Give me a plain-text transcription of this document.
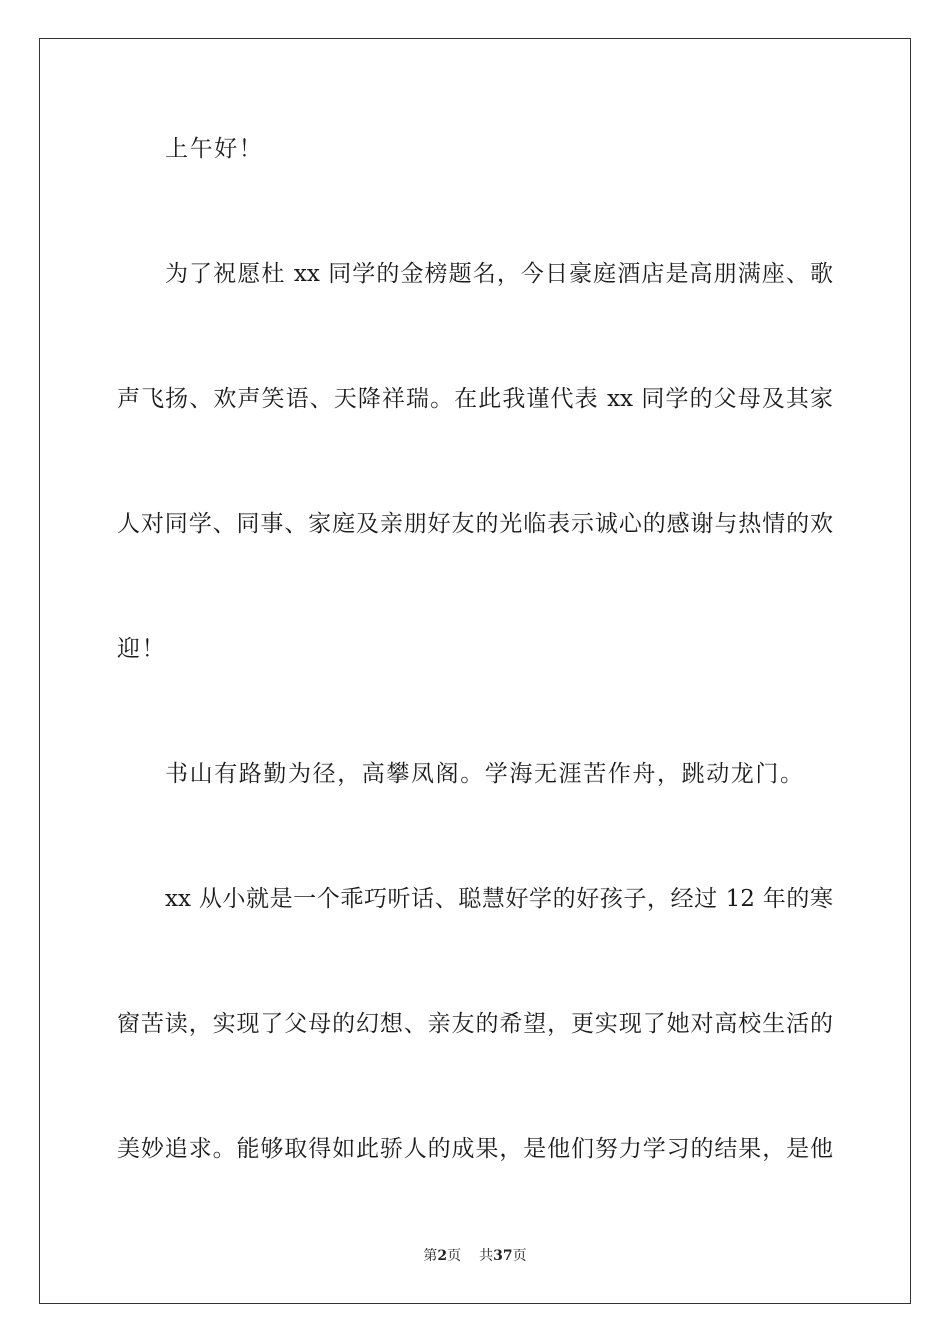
上午好！
为了祝愿杜 xx 同学的金榜题名，今日豪庭酒店是高朋满座、歌
声飞扬、欢声笑语、天降祥瑞。在此我谨代表 xx 同学的父母及其家
人对同学、同事、家庭及亲朋好友的光临表示诚心的感谢与热情的欢
迎！
书山有路勤为径，高攀凤阁。学海无涯苦作舟，跳动龙门。
xx 从小就是一个乖巧听话、聪慧好学的好孩子，经过 12 年的寒
窗苦读，实现了父母的幻想、亲友的希望，更实现了她对高校生活的
美妙追求。能够取得如此骄人的成果，是他们努力学习的结果，是他
第2页 共37页
